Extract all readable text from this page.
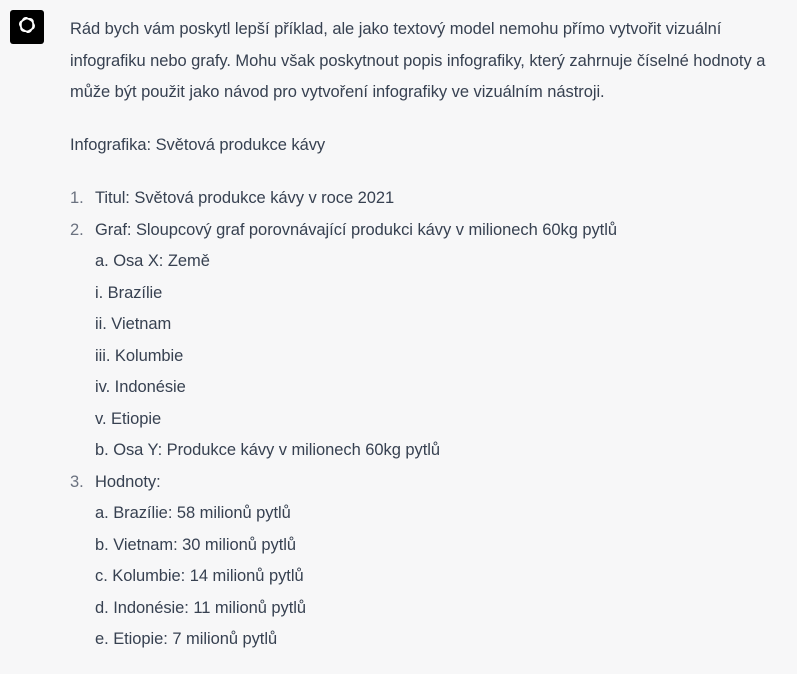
Rád bych vám poskytl lepší příklad, ale jako textový model nemohu přímo vytvořit vizuální infografiku nebo grafy. Mohu však poskytnout popis infografiky, který zahrnuje číselné hodnoty a může být použit jako návod pro vytvoření infografiky ve vizuálním nástroji.

Infografika: Světová produkce kávy

1. Titul: Světová produkce kávy v roce 2021
2. Graf: Sloupcový graf porovnávající produkci kávy v milionech 60kg pytlů
a. Osa X: Země
i. Brazílie
ii. Vietnam
iii. Kolumbie
iv. Indonésie
v. Etiopie
b. Osa Y: Produkce kávy v milionech 60kg pytlů
3. Hodnoty:
a. Brazílie: 58 milionů pytlů
b. Vietnam: 30 milionů pytlů
c. Kolumbie: 14 milionů pytlů
d. Indonésie: 11 milionů pytlů
e. Etiopie: 7 milionů pytlů
